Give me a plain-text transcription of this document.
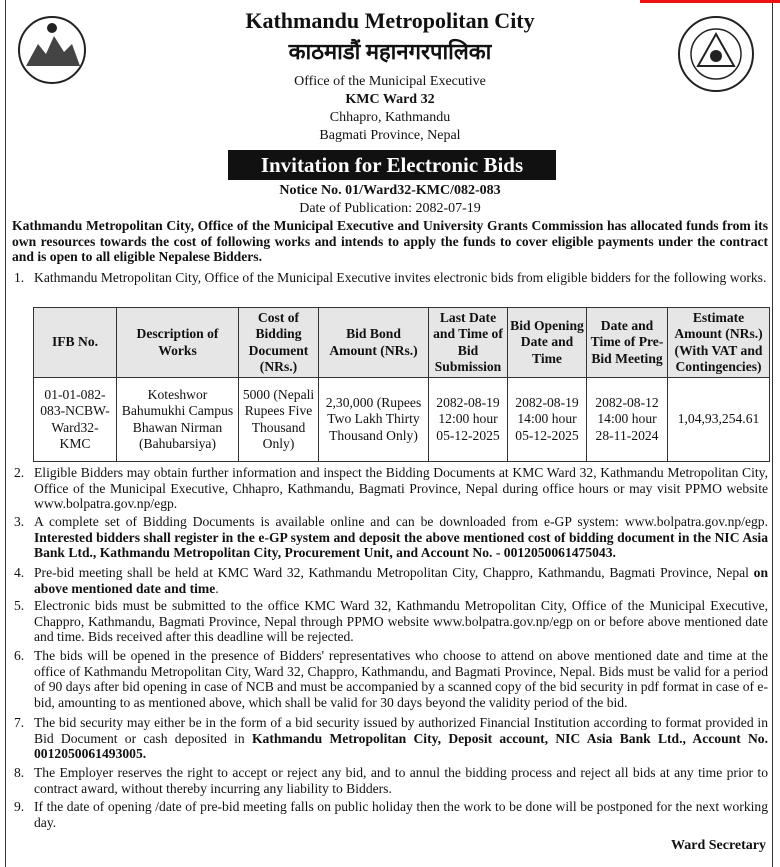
Kathmandu Metropolitan City
काठमाडौं महानगरपालिका
Office of the Municipal Executive
KMC Ward 32
Chhapro, Kathmandu
Bagmati Province, Nepal
Invitation for Electronic Bids
Notice No. 01/Ward32-KMC/082-083
Date of Publication: 2082-07-19
Kathmandu Metropolitan City, Office of the Municipal Executive and University Grants Commission has allocated funds from its own resources towards the cost of following works and intends to apply the funds to cover eligible payments under the contract and is open to all eligible Nepalese Bidders.
1. Kathmandu Metropolitan City, Office of the Municipal Executive invites electronic bids from eligible bidders for the following works.
IFB No.	Description of Works	Cost of Bidding Document (NRs.)	Bid Bond Amount (NRs.)	Last Date and Time of Bid Submission	Bid Opening Date and Time	Date and Time of Pre-Bid Meeting	Estimate Amount (NRs.) (With VAT and Contingencies)
01-01-082-083-NCBW-Ward32-KMC	Koteshwor Bahumukhi Campus Bhawan Nirman (Bahubarsiya)	5000 (Nepali Rupees Five Thousand Only)	2,30,000 (Rupees Two Lakh Thirty Thousand Only)	2082-08-19 12:00 hour 05-12-2025	2082-08-19 14:00 hour 05-12-2025	2082-08-12 14:00 hour 28-11-2024	1,04,93,254.61
2. Eligible Bidders may obtain further information and inspect the Bidding Documents at KMC Ward 32, Kathmandu Metropolitan City, Office of the Municipal Executive, Chhapro, Kathmandu, Bagmati Province, Nepal during office hours or may visit PPMO website www.bolpatra.gov.np/egp.
3. A complete set of Bidding Documents is available online and can be downloaded from e-GP system: www.bolpatra.gov.np/egp. Interested bidders shall register in the e-GP system and deposit the above mentioned cost of bidding document in the NIC Asia Bank Ltd., Kathmandu Metropolitan City, Procurement Unit, and Account No. - 0012050061475043.
4. Pre-bid meeting shall be held at KMC Ward 32, Kathmandu Metropolitan City, Chappro, Kathmandu, Bagmati Province, Nepal on above mentioned date and time.
5. Electronic bids must be submitted to the office KMC Ward 32, Kathmandu Metropolitan City, Office of the Municipal Executive, Chappro, Kathmandu, Bagmati Province, Nepal through PPMO website www.bolpatra.gov.np/egp on or before above mentioned date and time. Bids received after this deadline will be rejected.
6. The bids will be opened in the presence of Bidders' representatives who choose to attend on above mentioned date and time at the office of Kathmandu Metropolitan City, Ward 32, Chappro, Kathmandu, and Bagmati Province, Nepal. Bids must be valid for a period of 90 days after bid opening in case of NCB and must be accompanied by a scanned copy of the bid security in pdf format in case of e-bid, amounting to as mentioned above, which shall be valid for 30 days beyond the validity period of the bid.
7. The bid security may either be in the form of a bid security issued by authorized Financial Institution according to format provided in Bid Document or cash deposited in Kathmandu Metropolitan City, Deposit account, NIC Asia Bank Ltd., Account No. 0012050061493005.
8. The Employer reserves the right to accept or reject any bid, and to annul the bidding process and reject all bids at any time prior to contract award, without thereby incurring any liability to Bidders.
9. If the date of opening /date of pre-bid meeting falls on public holiday then the work to be done will be postponed for the next working day.
Ward Secretary
